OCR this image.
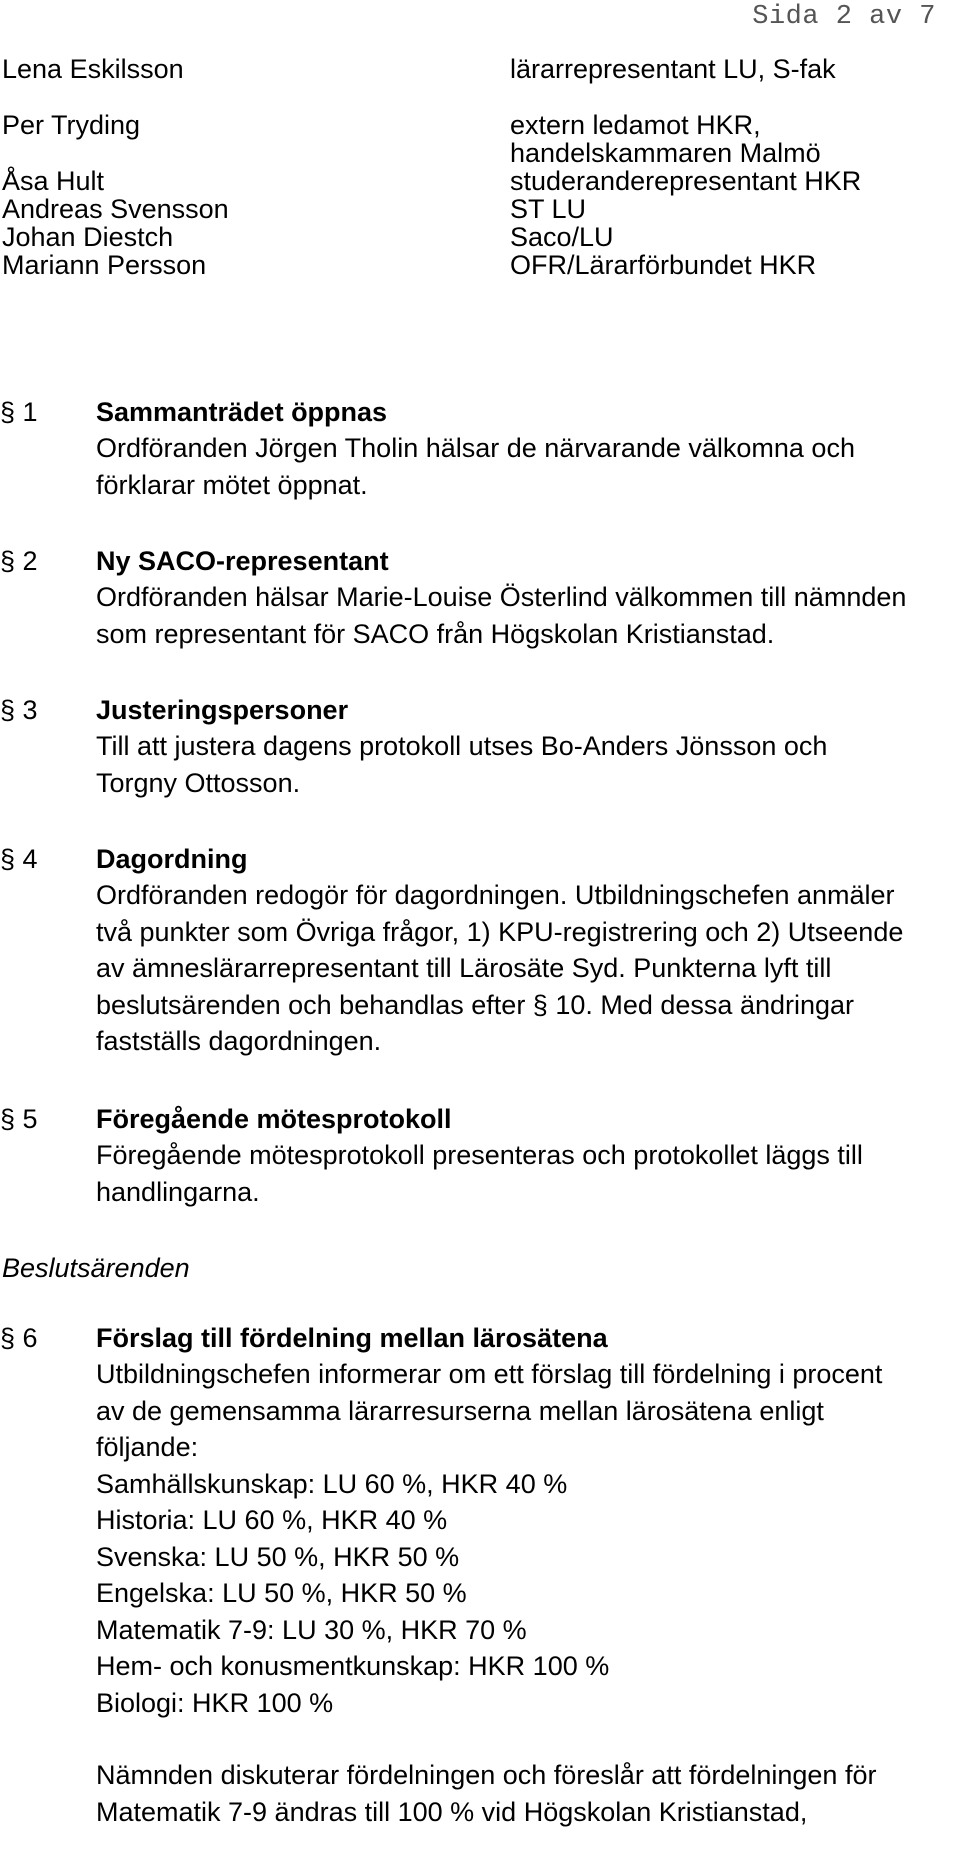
Sida 2 av 7
Lena Eskilsson	lärarrepresentant LU, S-fak
Per Tryding	extern ledamot HKR,
handelskammaren Malmö
Åsa Hult	studeranderepresentant HKR
Andreas Svensson	ST LU
Johan Diestch	Saco/LU
Mariann Persson	OFR/Lärarförbundet HKR
§ 1 Sammanträdet öppnas
Ordföranden Jörgen Tholin hälsar de närvarande välkomna och
förklarar mötet öppnat.
§ 2 Ny SACO-representant
Ordföranden hälsar Marie-Louise Österlind välkommen till nämnden
som representant för SACO från Högskolan Kristianstad.
§ 3 Justeringspersoner
Till att justera dagens protokoll utses Bo-Anders Jönsson och
Torgny Ottosson.
§ 4 Dagordning
Ordföranden redogör för dagordningen. Utbildningschefen anmäler
två punkter som Övriga frågor, 1) KPU-registrering och 2) Utseende
av ämneslärarrepresentant till Lärosäte Syd. Punkterna lyft till
beslutsärenden och behandlas efter § 10. Med dessa ändringar
fastställs dagordningen.
§ 5 Föregående mötesprotokoll
Föregående mötesprotokoll presenteras och protokollet läggs till
handlingarna.
Beslutsärenden
§ 6 Förslag till fördelning mellan lärosätena
Utbildningschefen informerar om ett förslag till fördelning i procent
av de gemensamma lärarresurserna mellan lärosätena enligt
följande:
Samhällskunskap: LU 60 %, HKR 40 %
Historia: LU 60 %, HKR 40 %
Svenska: LU 50 %, HKR 50 %
Engelska: LU 50 %, HKR 50 %
Matematik 7-9: LU 30 %, HKR 70 %
Hem- och konusmentkunskap: HKR 100 %
Biologi: HKR 100 %
Nämnden diskuterar fördelningen och föreslår att fördelningen för
Matematik 7-9 ändras till 100 % vid Högskolan Kristianstad,
